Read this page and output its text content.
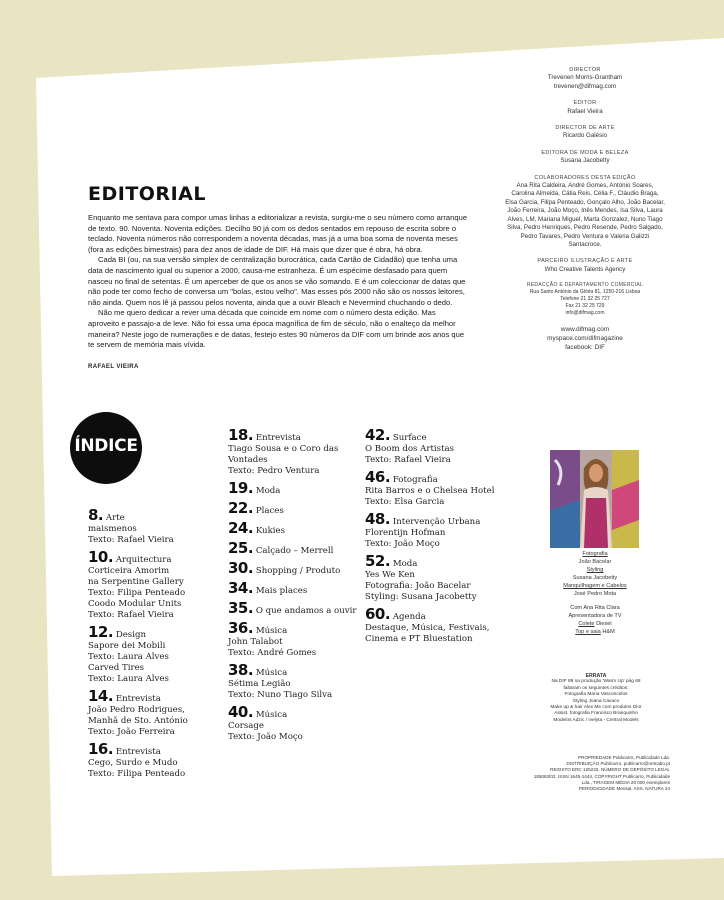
EDITORIAL

Enquanto me sentava para compor umas linhas a editorializar a revista, surgiu-me o seu número como arranque de texto. 90. Noventa. Noventa edições. Decilho 90 já com os dedos sentados em repouso de escrita sobre o teclado. Noventa números não correspondem a noventa décadas, mas já a uma boa soma de noventa meses (fora as edições bimestrais) para dez anos de idade de DIF. Há mais que dizer que é obra, há obra.

Cada BI (ou, na sua versão simplex de centralização burocrática, cada Cartão de Cidadão) que tenha uma data de nascimento igual ou superior a 2000, causa-me estranheza. É um espécime desfasado para quem nasceu no final de setentas. É um aperceber de que os anos se vão somando. E é um coleccionar de datas que não pode ter como fecho de conversa um "bolas, estou velho". Mas esses pós 2000 não são os nossos leitores, não ainda. Quem nos lê já passou pelos noventa, ainda que a ouvir Bleach e Nevermind chuchando o dedo.

Não me quero dedicar a rever uma década que coincide em nome com o número desta edição. Mas aproveito e passajo-a de leve. Não foi essa uma época magnífica de fim de século, não o enalteço da melhor maneira? Neste jogo de numerações e de datas, festejo estes 90 números da DIF com um brinde aos anos que te servem de memória mais vívida.

RAFAEL VIEIRA
DIRECTOR
Trevenen Morris-Grantham
trevenen@difmag.com
EDITOR
Rafael Vieira
DIRECTOR DE ARTE
Ricardo Galésio
EDITORA DE MODA E BELEZA
Susana Jacobetty
COLABORADORES DESTA EDIÇÃO
Ana Rita Caldeira, André Gomes, António Soares, Carolina Almeida, Cátia Reis, Célia F., Cláudio Braga, Elsa Garcia, Filipa Penteado, Gonçalo Alho, João Bacelar, João Ferreira, João Moço, Inês Mendes, Isa Silva, Laura Alves, LM, Mariana Miguel, Marta Gonzalez, Nuno Tiago Silva, Pedro Henriques, Pedro Resende, Pedro Salgado, Pedro Tavares, Pedro Ventura e Valeria Galizzi Santacroce.
PARCEIRO ILUSTRAÇÃO E ARTE
Who Creative Talents Agency
REDACÇÃO E DEPARTAMENTO COMERCIAL
Rua Santo António da Glória 81, 1250-216 Lisboa
Telefone 21 32 25 727
Fax 21 32 25 729
info@difmag.com
www.difmag.com
myspace.com/difmagazine
facebook: DIF
Fotografia
João Bacelar
Styling
Susana Jacobetty
Manquilhagem e Cabelos
José Pedro Mota
Com Ana Rita Clara
Apresentadora de TV
Colete Diesel
Top e saia H&M
ERRATA
Na DIF 89 na produção 'Warm Up' pág 68
faltaram os seguintes créditos:
Fotografia Maria Vasconcelos
Styling Joana Cavaco
Make up & hair Alex Me com produtos Dior
Assist. fotografia Francisco Branquinho
Modelos Adzic / Ivelyta - Central Models
PROPRIEDADE Publicarro, Publicidade Lda.
DISTRIBUIÇÃO Publicarro, publicarro@netcabo.pt
REGISTO ERC 125233, NÚMERO DE DEPÓSITO LEGAL
185063/02, ISSN 1645-1444, COPYRIGHT Publicarro, Publicidade
Lda., TIRAGEM MÉDIA 20 000 exemplares
PERIODICIDADE Mensal, ASS. NATURA 24
ÍNDICE
8. Arte
maismenos
Texto: Rafael Vieira
10. Arquitectura
Corticeira Amorim
na Serpentine Gallery
Texto: Filipa Penteado
Coodo Modular Units
Texto: Rafael Vieira
12. Design
Sapore dei Mobili
Texto: Laura Alves
Carved Tires
Texto: Laura Alves
14. Entrevista
João Pedro Rodrigues,
Manhã de Sto. António
Texto: João Ferreira
16. Entrevista
Cego, Surdo e Mudo
Texto: Filipa Penteado
18. Entrevista
Tiago Sousa e o Coro das
Vontades
Texto: Pedro Ventura
19. Moda
22. Places
24. Kukies
25. Calçado – Merrell
30. Shopping / Produto
34. Mais places
35. O que andamos a ouvir
36. Música
John Talabot
Texto: André Gomes
38. Música
Sétima Legião
Texto: Nuno Tiago Silva
40. Música
Corsage
Texto: João Moço
42. Surface
O Boom dos Artistas
Texto: Rafael Vieira
46. Fotografia
Rita Barros e o Chelsea Hotel
Texto: Elsa Garcia
48. Intervenção Urbana
Florentijn Hofman
Texto: João Moço
52. Moda
Yes We Ken
Fotografia: João Bacelar
Styling: Susana Jacobetty
60. Agenda
Destaque, Música, Festivais,
Cinema e PT Bluestation
